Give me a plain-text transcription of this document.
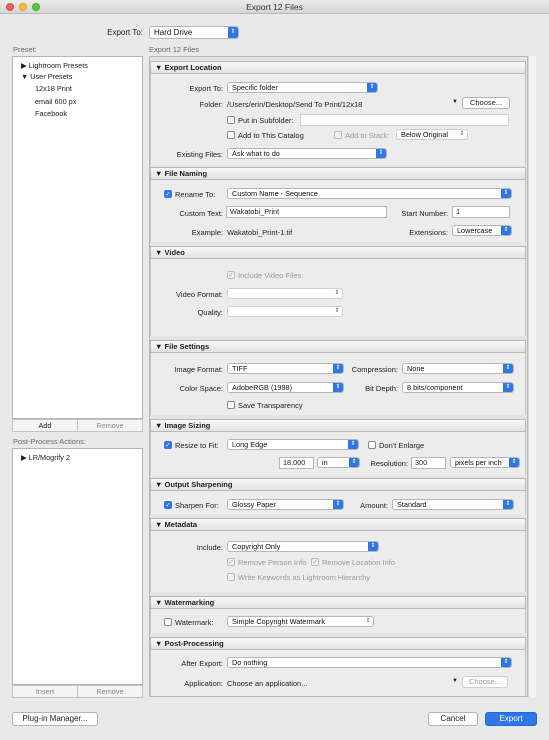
Export 12 Files
Export To:	Hard Drive	⇕
Preset:
▶ Lightroom Presets
▼ User Presets
12x18 Print
email 600 px
Facebook
Add	Remove
Post-Process Actions:
▶ LR/Mogrify 2
Insert	Remove
Export 12 Files
▼ Export Location
Export To:	Specific folder	⇕
Folder: /Users/erin/Desktop/Send To Print/12x18	▼	Choose...
Put in Subfolder:
Add to This Catalog	Add to Stack:	Below Original	⇕
Existing Files:	Ask what to do	⇕
▼ File Naming
✓ Rename To:	Custom Name - Sequence	⇕
Custom Text: Wakatobi_Print	Start Number:	1
Example: Wakatobi_Print-1.tif	Extensions:	Lowercase	⇕
▼ Video
✓ Include Video Files:
Video Format:	⇕
Quality:	⇕
▼ File Settings
Image Format:	TIFF	⇕	Compression:	None	⇕
Color Space:	AdobeRGB (1998)	⇕	Bit Depth:	8 bits/component	⇕
Save Transparency
▼ Image Sizing
✓ Resize to Fit:	Long Edge	⇕	Don't Enlarge
18.000	in	⇕	Resolution: 300	pixels per inch	⇕
▼ Output Sharpening
✓ Sharpen For:	Glossy Paper	⇕	Amount:	Standard	⇕
▼ Metadata
Include:	Copyright Only	⇕
✓ Remove Person Info ✓ Remove Location Info
Write Keywords as Lightroom Hierarchy
▼ Watermarking
Watermark:	Simple Copyright Watermark	⇕
▼ Post-Processing
After Export:	Do nothing	⇕
Application: Choose an application...	▼	Choose...
Plug-in Manager...	Cancel	Export
